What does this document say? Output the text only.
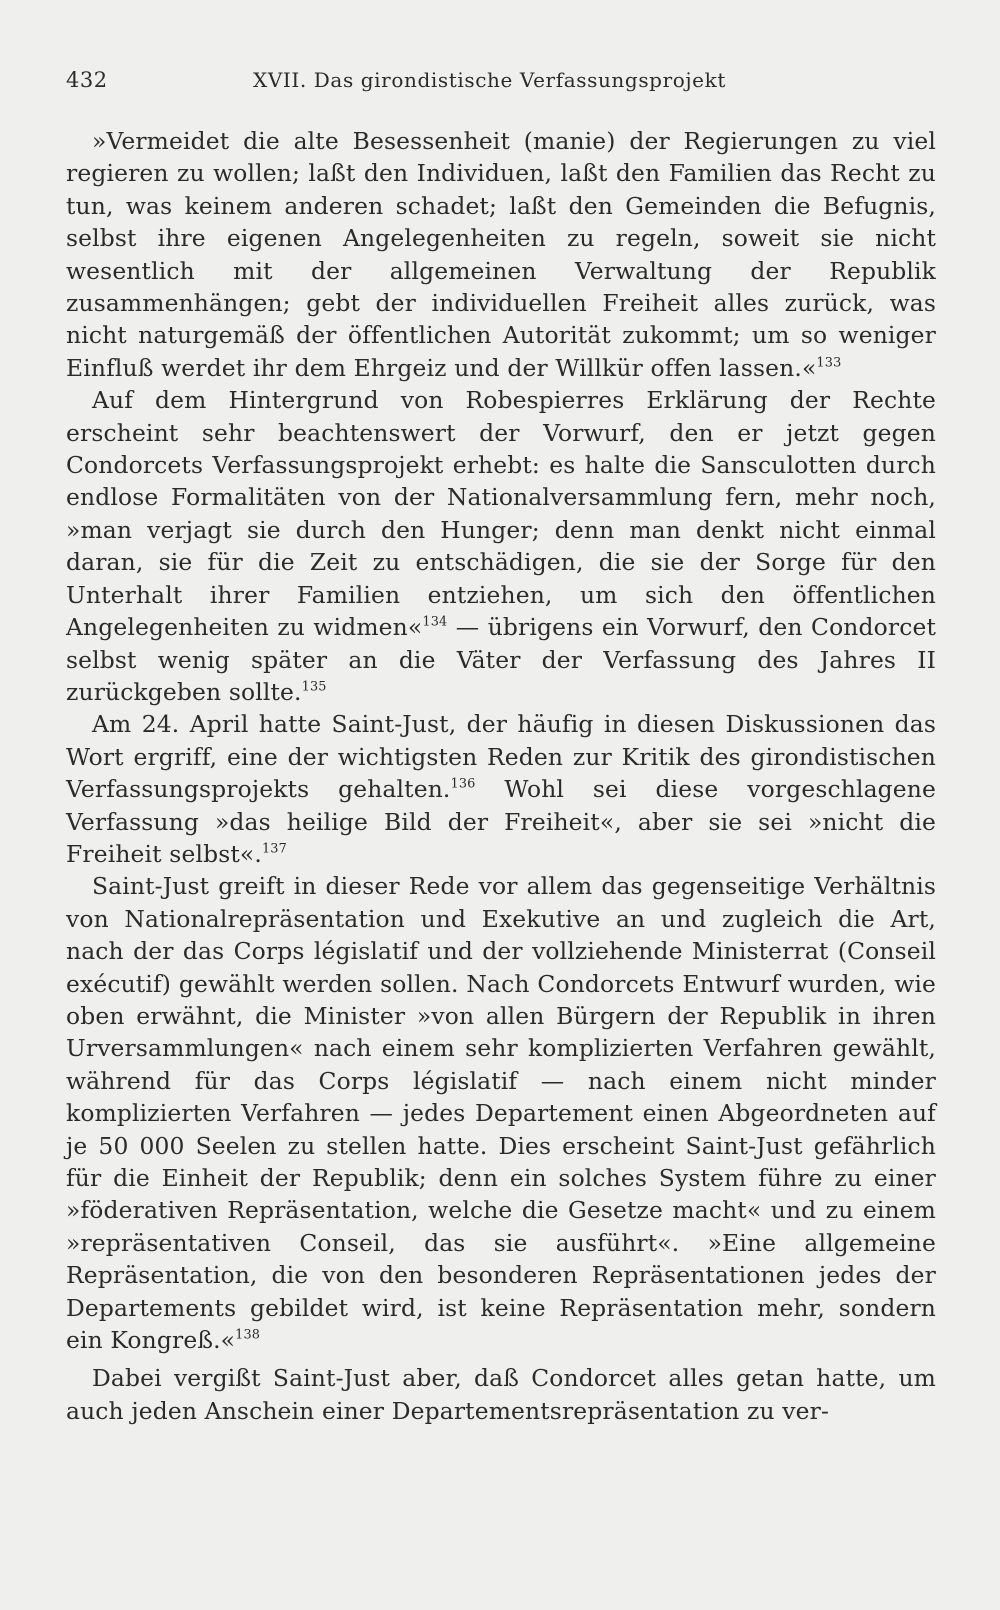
432	XVII. Das girondistische Verfassungsprojekt

»Vermeidet die alte Besessenheit (manie) der Regierungen zu viel regieren zu wollen; laßt den Individuen, laßt den Familien das Recht zu tun, was keinem anderen schadet; laßt den Gemeinden die Befugnis, selbst ihre eigenen Angelegenheiten zu regeln, soweit sie nicht wesentlich mit der allgemeinen Verwaltung der Republik zusammenhängen; gebt der individuellen Freiheit alles zurück, was nicht naturgemäß der öffentlichen Autorität zukommt; um so weniger Einfluß werdet ihr dem Ehrgeiz und der Willkür offen lassen.«$^{133}$

Auf dem Hintergrund von Robespierres Erklärung der Rechte erscheint sehr beachtenswert der Vorwurf, den er jetzt gegen Condorcets Verfassungsprojekt erhebt: es halte die Sansculotten durch endlose Formalitäten von der Nationalversammlung fern, mehr noch, »man verjagt sie durch den Hunger; denn man denkt nicht einmal daran, sie für die Zeit zu entschädigen, die sie der Sorge für den Unterhalt ihrer Familien entziehen, um sich den öffentlichen Angelegenheiten zu widmen«$^{134}$ — übrigens ein Vorwurf, den Condorcet selbst wenig später an die Väter der Verfassung des Jahres II zurückgeben sollte.$^{135}$

Am 24. April hatte Saint-Just, der häufig in diesen Diskussionen das Wort ergriff, eine der wichtigsten Reden zur Kritik des girondistischen Verfassungsprojekts gehalten.$^{136}$ Wohl sei diese vorgeschlagene Verfassung »das heilige Bild der Freiheit«, aber sie sei »nicht die Freiheit selbst«.$^{137}$

Saint-Just greift in dieser Rede vor allem das gegenseitige Verhältnis von Nationalrepräsentation und Exekutive an und zugleich die Art, nach der das Corps législatif und der vollziehende Ministerrat (Conseil exécutif) gewählt werden sollen. Nach Condorcets Entwurf wurden, wie oben erwähnt, die Minister »von allen Bürgern der Republik in ihren Urversammlungen« nach einem sehr komplizierten Verfahren gewählt, während für das Corps législatif — nach einem nicht minder komplizierten Verfahren — jedes Departement einen Abgeordneten auf je 50 000 Seelen zu stellen hatte. Dies erscheint Saint-Just gefährlich für die Einheit der Republik; denn ein solches System führe zu einer »föderativen Repräsentation, welche die Gesetze macht« und zu einem »repräsentativen Conseil, das sie ausführt«. »Eine allgemeine Repräsentation, die von den besonderen Repräsentationen jedes der Departements gebildet wird, ist keine Repräsentation mehr, sondern ein Kongreß.«$^{138}$

Dabei vergißt Saint-Just aber, daß Condorcet alles getan hatte, um auch jeden Anschein einer Departementsrepräsentation zu ver-
